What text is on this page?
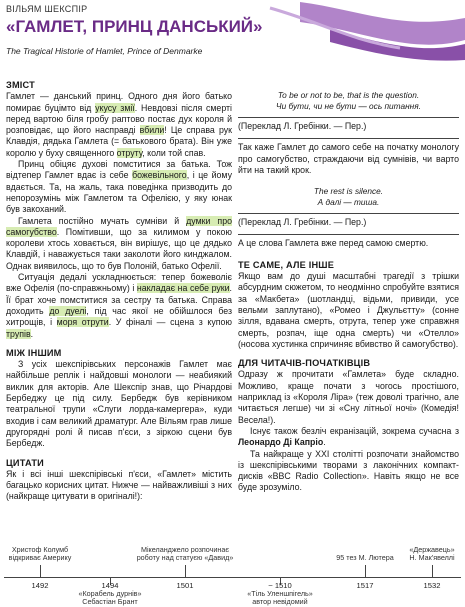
ВІЛЬЯМ ШЕКСПІР
«ГАМЛЕТ, ПРИНЦ ДАНСЬКИЙ»
The Tragical Historie of Hamlet, Prince of Denmarke
ЗМІСТ

Гамлет — данський принц. Одного дня його батько помирає буцімто від укусу змії. Невдовзі після смерті перед вартою біля гробу раптово постає дух короля й розповідає, що його насправді вбили! Це справа рук Клавдія, дядька Гамлета (= батькового брата). Він уже королю у буху священного отруту, коли той спав.

Принц обіцяє духові помститися за батька. Тож відтепер Гамлет вдає із себе божевільного, і це йому вдається. Та, на жаль, така поведінка призводить до непорозумінь між Гамлетом та Офелією, у яку юнак був закоханий.

Гамлета постійно мучать сумніви й думки про самогубство. Помітивши, що за килимом у покою королеви хтось ховається, він вирішує, що це дядько Клавдій, і наважується таки заколоти його кинджалом. Однак виявилось, що то був Полоній, батько Офелії.

Ситуація дедалі ускладнюється: тепер божеволіє вже Офелія (по-справжньому) і накладає на себе руки. Її брат хоче помститися за сестру та батька. Справа доходить до дуелі, під час якої не обійшлося без хитрощів, і моря отрути. У фіналі — сцена з купою трупів.

МІЖ ІНШИМ

З усіх шекспірівських персонажів Гамлет має найбільше реплік і найдовші монологи — неабиякий виклик для акторів. Але Шекспір знав, що Річардові Бербеджу це під силу. Бербедж був керівником театральної трупи «Слуги лорда-камергера», куди входив і сам великий драматург. Але Вільям грав лише другорядні ролі й писав п'єси, з зіркою сцени був Бербедж.

ЦИТАТИ

Як і всі інші шекспірівські п'єси, «Гамлет» містить багацько корисних цитат. Нижче — найважливіші з них (найкраще цитувати в оригіналі!):

To be or not to be, that is the question.

Чи бути, чи не бути — ось питання.

(Переклад Л. Гребінки. — Пер.)

Так каже Гамлет до самого себе на початку монологу про самогубство, страждаючи від сумнівів, чи варто йти на такий крок.

The rest is silence.

А далі — тиша.

(Переклад Л. Гребінки. — Пер.)

А це слова Гамлета вже перед самою смертю.

ТЕ САМЕ, АЛЕ ІНШЕ

Якщо вам до душі масштабні трагедії з трішки абсурдним сюжетом, то неодмінно спробуйте взятися за «Макбета» (шотландці, відьми, привиди, усе вельми заплутано), «Ромео і Джульєтту» (сонне зілля, вдавана смерть, отрута, тепер уже справжня смерть, розпач, іще одна смерть) чи «Отелло» (носова хустинка спричиняє вбивство й самогубство).

ДЛЯ ЧИТАЧІВ-ПОЧАТКІВЦІВ

Одразу ж прочитати «Гамлета» буде складно. Можливо, краще почати з чогось простішого, наприклад із «Короля Ліра» (теж доволі трагічно, але читається легше) чи зі «Сну літньої ночі» (Комедія! Весела!).

Існує також безліч екранізацій, зокрема сучасна з Леонардо Ді Капріо.

Та найкраще у XXI столітті розпочати знайомство із шекспірівськими творами з лаконічних компакт-дисків «BBC Radio Collection». Навіть якщо не все буде зрозуміло.

Христоф Колумб
відкриває Америку
1492	1494
«Корабель дурнів»
Себастіан Брант
Мікеланджело розпочинає
роботу над статуєю «Давид»
1501	~ 1510
«Тіль Уленшпігель»
автор невідомий
95 тез М. Лютера
1517
«Державець»
Н. Мак'явеллі
1532
